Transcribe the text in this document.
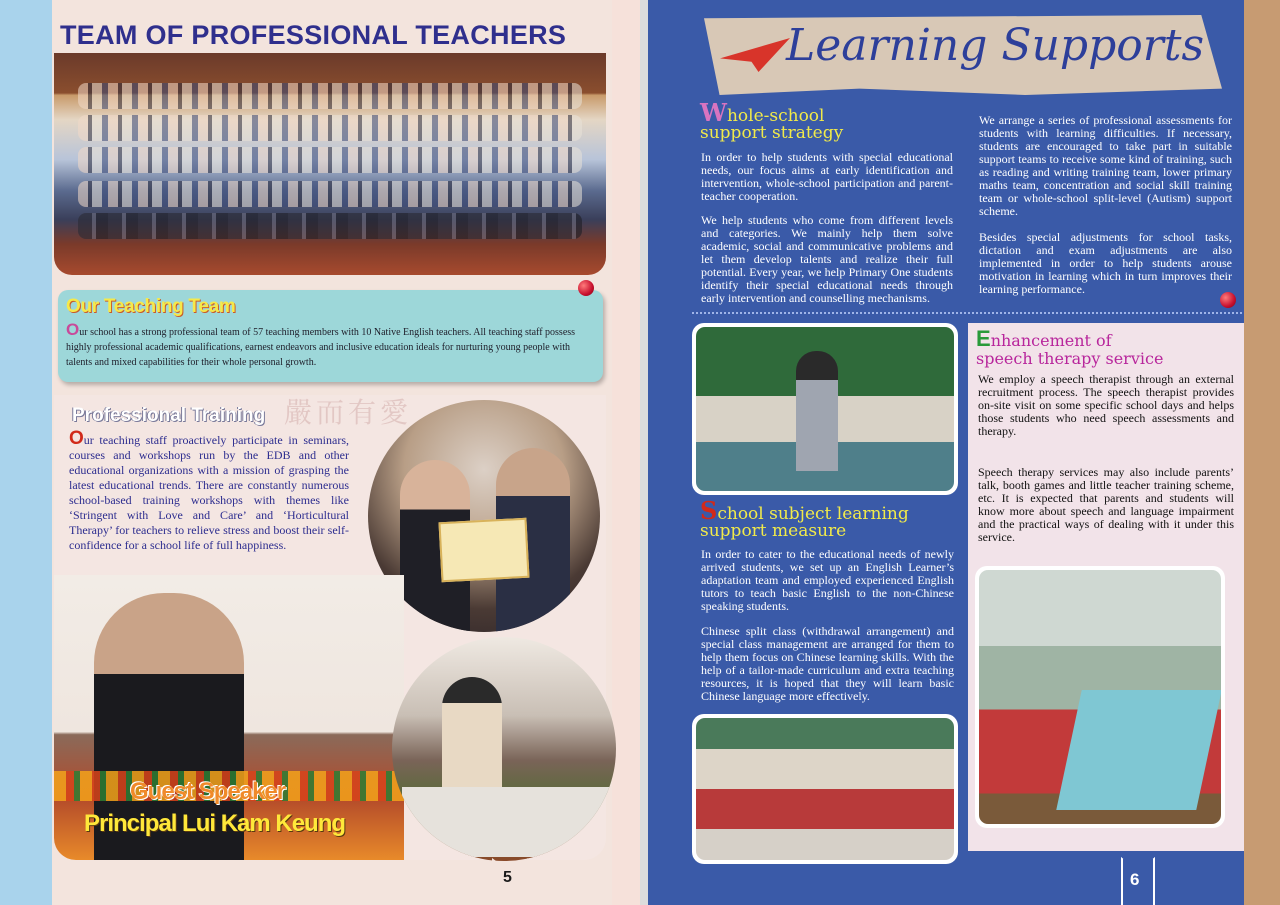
TEAM OF PROFESSIONAL TEACHERS
Our Teaching Team
Our school has a strong professional team of 57 teaching members with 10 Native English teachers. All teaching staff possess highly professional academic qualifications, earnest endeavors and inclusive education ideals for nurturing young people with talents and mixed capabilities for their whole personal growth.
嚴而有愛
Professional Training
Our teaching staff proactively participate in seminars, courses and workshops run by the EDB and other educational organizations with a mission of grasping the latest educational trends. There are constantly numerous school-based training workshops with themes like ‘Stringent with Love and Care’ and ‘Horticultural Therapy’ for teachers to relieve stress and boost their self-confidence for a school life of full happiness.
Guest Speaker
Principal Lui Kam Keung
5
Learning Supports
Whole-school
support strategy
In order to help students with special educational needs, our focus aims at early identification and intervention, whole-school participation and parent-teacher cooperation.
We help students who come from different levels and categories. We mainly help them solve academic, social and communicative problems and let them develop talents and realize their full potential. Every year, we help Primary One students identify their special educational needs through early intervention and counselling mechanisms.
We arrange a series of professional assessments for students with learning difficulties. If necessary, students are encouraged to take part in suitable support teams to receive some kind of training, such as reading and writing training team, lower primary maths team, concentration and social skill training team or whole-school split-level (Autism) support scheme.
Besides special adjustments for school tasks, dictation and exam adjustments are also implemented in order to help students arouse motivation in learning which in turn improves their learning performance.
School subject learning
support measure
In order to cater to the educational needs of newly arrived students, we set up an English Learner’s adaptation team and employed experienced English tutors to teach basic English to the non-Chinese speaking students.
Chinese split class (withdrawal arrangement) and special class management are arranged for them to help them focus on Chinese learning skills. With the help of a tailor-made curriculum and extra teaching resources, it is hoped that they will learn basic Chinese language more effectively.
Enhancement of
speech therapy service
We employ a speech therapist through an external recruitment process. The speech therapist provides on-site visit on some specific school days and helps those students who need speech assessments and therapy.
Speech therapy services may also include parents’ talk, booth games and little teacher training scheme, etc. It is expected that parents and students will know more about speech and language impairment and the practical ways of dealing with it under this service.
6
